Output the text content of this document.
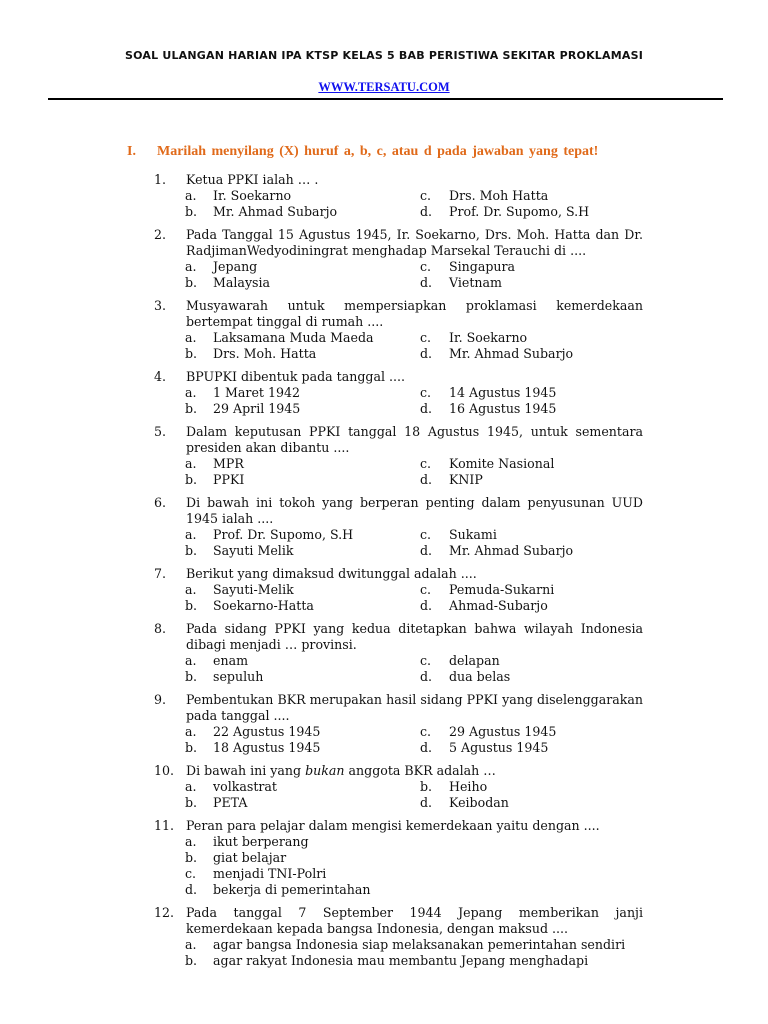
SOAL ULANGAN HARIAN IPA KTSP KELAS 5 BAB PERISTIWA SEKITAR PROKLAMASI
WWW.TERSATU.COM
I. Marilah menyilang (X) huruf a, b, c, atau d pada jawaban yang tepat!
1.	Ketua PPKI ialah … .
a. Ir. Soekarno	c. Drs. Moh Hatta
b. Mr. Ahmad Subarjo	d. Prof. Dr. Supomo, S.H
2.	Pada Tanggal 15 Agustus 1945, Ir. Soekarno, Drs. Moh. Hatta dan Dr. RadjimanWedyodiningrat menghadap Marsekal Terauchi di ....
a. Jepang	c. Singapura
b. Malaysia	d. Vietnam
3.	Musyawarah untuk mempersiapkan proklamasi kemerdekaan bertempat tinggal di rumah ....
a. Laksamana Muda Maeda	c. Ir. Soekarno
b. Drs. Moh. Hatta	d. Mr. Ahmad Subarjo
4.	BPUPKI dibentuk pada tanggal ....
a. 1 Maret 1942	c. 14 Agustus 1945
b. 29 April 1945	d. 16 Agustus 1945
5.	Dalam keputusan PPKI tanggal 18 Agustus 1945, untuk sementara presiden akan dibantu ....
a. MPR	c. Komite Nasional
b. PPKI	d. KNIP
6.	Di bawah ini tokoh yang berperan penting dalam penyusunan UUD 1945 ialah ....
a. Prof. Dr. Supomo, S.H	c. Sukami
b. Sayuti Melik	d. Mr. Ahmad Subarjo
7.	Berikut yang dimaksud dwitunggal adalah ....
a. Sayuti-Melik	c. Pemuda-Sukarni
b. Soekarno-Hatta	d. Ahmad-Subarjo
8.	Pada sidang PPKI yang kedua ditetapkan bahwa wilayah Indonesia dibagi menjadi … provinsi.
a. enam	c. delapan
b. sepuluh	d. dua belas
9.	Pembentukan BKR merupakan hasil sidang PPKI yang diselenggarakan pada tanggal ....
a. 22 Agustus 1945	c. 29 Agustus 1945
b. 18 Agustus 1945	d. 5 Agustus 1945
10. Di bawah ini yang bukan anggota BKR adalah …
a. volkastrat	b. Heiho
b. PETA	d. Keibodan
11. Peran para pelajar dalam mengisi kemerdekaan yaitu dengan ....
a. ikut berperang
b. giat belajar
c. menjadi TNI-Polri
d. bekerja di pemerintahan
12. Pada tanggal 7 September 1944 Jepang memberikan janji kemerdekaan kepada bangsa Indonesia, dengan maksud ....
a. agar bangsa Indonesia siap melaksanakan pemerintahan sendiri
b. agar rakyat Indonesia mau membantu Jepang menghadapi
